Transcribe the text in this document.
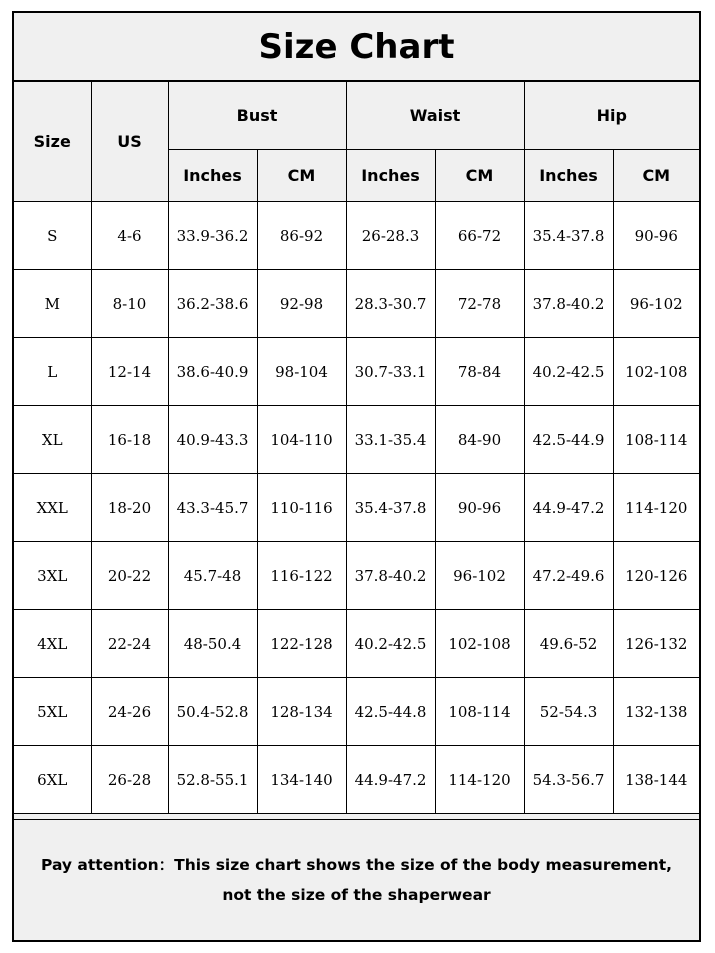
Size Chart
Size	US	Bust		Waist		Hip	
		Inches	CM	Inches	CM	Inches	CM
S	4-6	33.9-36.2	86-92	26-28.3	66-72	35.4-37.8	90-96
M	8-10	36.2-38.6	92-98	28.3-30.7	72-78	37.8-40.2	96-102
L	12-14	38.6-40.9	98-104	30.7-33.1	78-84	40.2-42.5	102-108
XL	16-18	40.9-43.3	104-110	33.1-35.4	84-90	42.5-44.9	108-114
XXL	18-20	43.3-45.7	110-116	35.4-37.8	90-96	44.9-47.2	114-120
3XL	20-22	45.7-48	116-122	37.8-40.2	96-102	47.2-49.6	120-126
4XL	22-24	48-50.4	122-128	40.2-42.5	102-108	49.6-52	126-132
5XL	24-26	50.4-52.8	128-134	42.5-44.8	108-114	52-54.3	132-138
6XL	26-28	52.8-55.1	134-140	44.9-47.2	114-120	54.3-56.7	138-144
Pay attention：This size chart shows the size of the body measurement,
not the size of the shaperwear
